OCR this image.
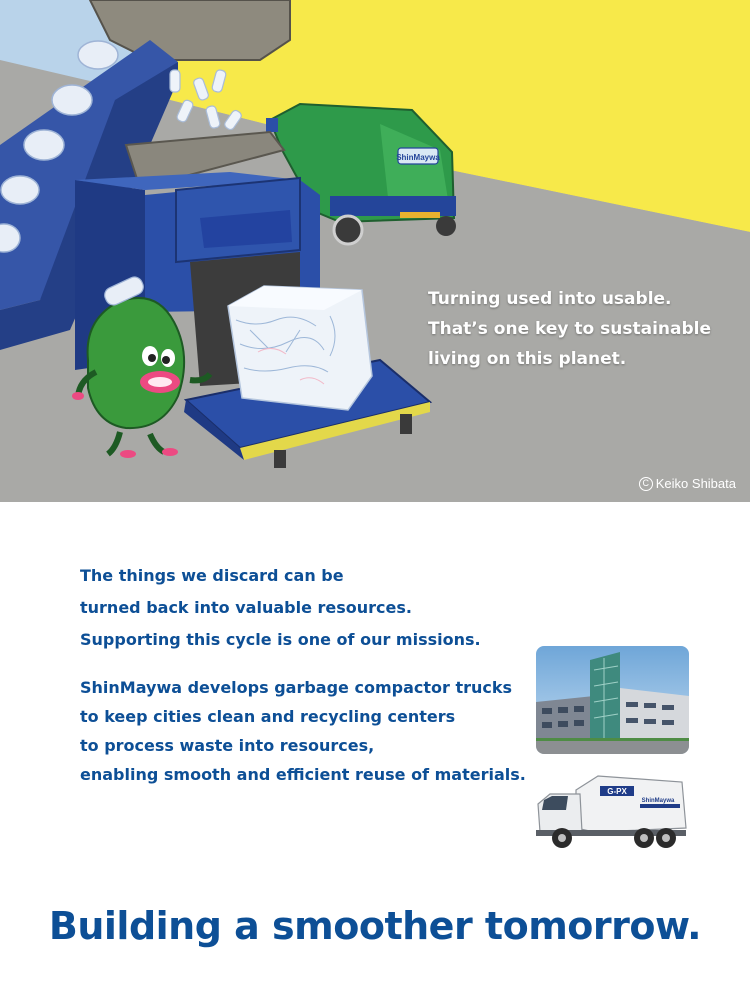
ShinMaywa
Turning used into usable.
That’s one key to sustainable
living on this planet.
C Keiko Shibata
The things we discard can be
turned back into valuable resources.
Supporting this cycle is one of our missions.
ShinMaywa develops garbage compactor trucks
to keep cities clean and recycling centers
to process waste into resources,
enabling smooth and efficient reuse of materials.
G-PX
ShinMaywa
Building a smoother tomorrow.
